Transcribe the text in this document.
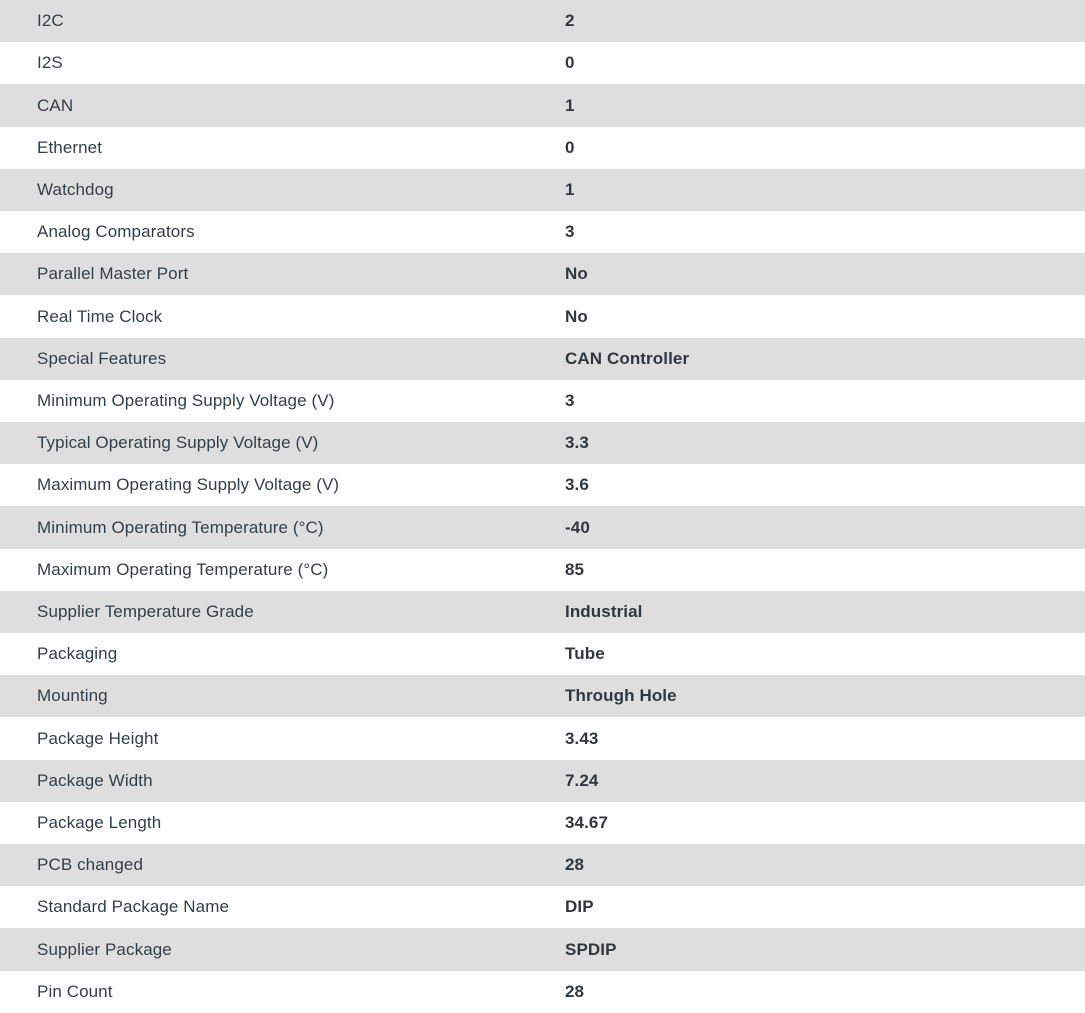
I2C	2
I2S	0
CAN	1
Ethernet	0
Watchdog	1
Analog Comparators	3
Parallel Master Port	No
Real Time Clock	No
Special Features	CAN Controller
Minimum Operating Supply Voltage (V)	3
Typical Operating Supply Voltage (V)	3.3
Maximum Operating Supply Voltage (V)	3.6
Minimum Operating Temperature (°C)	-40
Maximum Operating Temperature (°C)	85
Supplier Temperature Grade	Industrial
Packaging	Tube
Mounting	Through Hole
Package Height	3.43
Package Width	7.24
Package Length	34.67
PCB changed	28
Standard Package Name	DIP
Supplier Package	SPDIP
Pin Count	28
